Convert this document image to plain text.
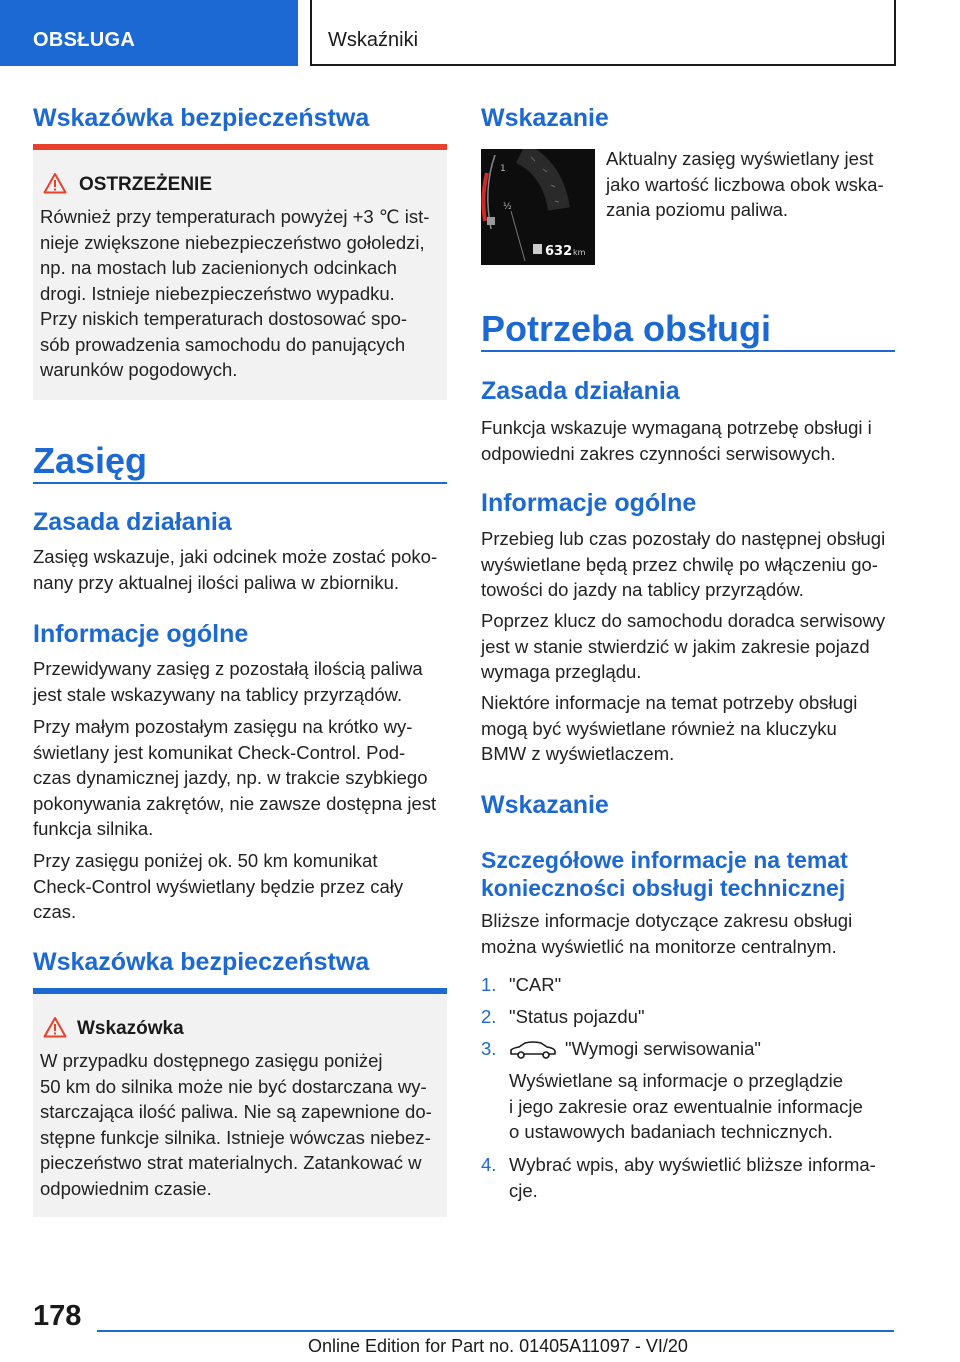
OBSŁUGA	Wskaźniki
Wskazówka bezpieczeństwa
OSTRZEŻENIE
Również przy temperaturach powyżej +3 ℃ ist-
nieje zwiększone niebezpieczeństwo gołoledzi,
np. na mostach lub zacienionych odcinkach
drogi. Istnieje niebezpieczeństwo wypadku.
Przy niskich temperaturach dostosować spo-
sób prowadzenia samochodu do panujących
warunków pogodowych.
Zasięg
Zasada działania
Zasięg wskazuje, jaki odcinek może zostać poko-
nany przy aktualnej ilości paliwa w zbiorniku.
Informacje ogólne
Przewidywany zasięg z pozostałą ilością paliwa
jest stale wskazywany na tablicy przyrządów.
Przy małym pozostałym zasięgu na krótko wy-
świetlany jest komunikat Check-Control. Pod-
czas dynamicznej jazdy, np. w trakcie szybkiego
pokonywania zakrętów, nie zawsze dostępna jest
funkcja silnika.
Przy zasięgu poniżej ok. 50 km komunikat
Check-Control wyświetlany będzie przez cały
czas.
Wskazówka bezpieczeństwa
Wskazówka
W przypadku dostępnego zasięgu poniżej
50 km do silnika może nie być dostarczana wy-
starczająca ilość paliwa. Nie są zapewnione do-
stępne funkcje silnika. Istnieje wówczas niebez-
pieczeństwo strat materialnych. Zatankować w
odpowiednim czasie.
Wskazanie
1
½
632 km
Aktualny zasięg wyświetlany jest
jako wartość liczbowa obok wska-
zania poziomu paliwa.
Potrzeba obsługi
Zasada działania
Funkcja wskazuje wymaganą potrzebę obsługi i
odpowiedni zakres czynności serwisowych.
Informacje ogólne
Przebieg lub czas pozostały do następnej obsługi
wyświetlane będą przez chwilę po włączeniu go-
towości do jazdy na tablicy przyrządów.
Poprzez klucz do samochodu doradca serwisowy
jest w stanie stwierdzić w jakim zakresie pojazd
wymaga przeglądu.
Niektóre informacje na temat potrzeby obsługi
mogą być wyświetlane również na kluczyku
BMW z wyświetlaczem.
Wskazanie
Szczegółowe informacje na temat
konieczności obsługi technicznej
Bliższe informacje dotyczące zakresu obsługi
można wyświetlić na monitorze centralnym.
1. "CAR"
2. "Status pojazdu"
3.	"Wymogi serwisowania"
Wyświetlane są informacje o przeglądzie
i jego zakresie oraz ewentualnie informacje
o ustawowych badaniach technicznych.
4. Wybrać wpis, aby wyświetlić bliższe informa-
cje.
178
Online Edition for Part no. 01405A11097 - VI/20
